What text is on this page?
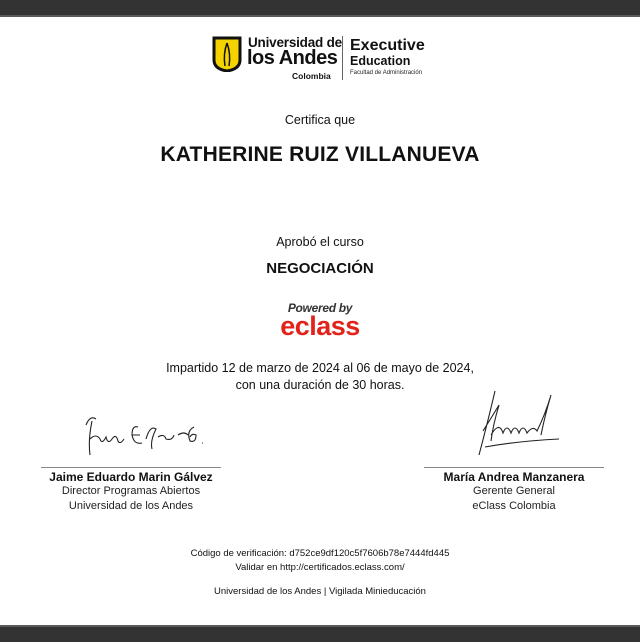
Universidad de
los Andes
Colombia
Executive
Education
Facultad de Administración
Certifica que
KATHERINE RUIZ VILLANUEVA
Aprobó el curso
NEGOCIACIÓN
Powered by
eclass
Impartido 12 de marzo de 2024 al 06 de mayo de 2024,
con una duración de 30 horas.
Jaime Eduardo Marin Gálvez
Director Programas Abiertos
Universidad de los Andes
María Andrea Manzanera
Gerente General
eClass Colombia
Código de verificación: d752ce9df120c5f7606b78e7444fd445
Validar en http://certificados.eclass.com/
Universidad de los Andes | Vigilada Minieducación
